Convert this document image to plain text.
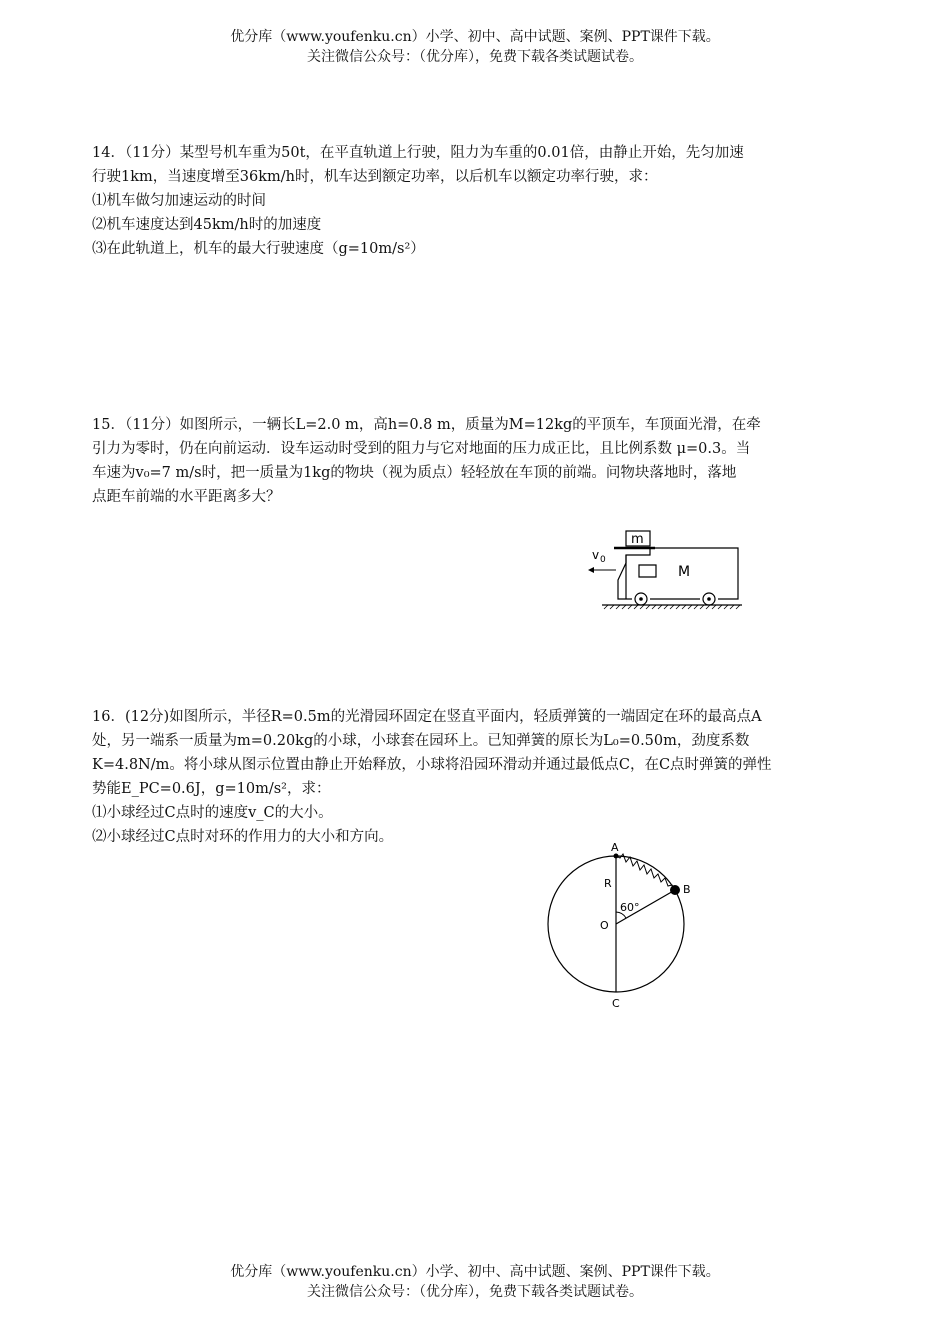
优分库（www.youfenku.cn）小学、初中、高中试题、案例、PPT课件下载。
关注微信公众号：（优分库），免费下载各类试题试卷。

14．（11分）某型号机车重为50t，在平直轨道上行驶，阻力为车重的0.01倍，由静止开始，先匀加速

行驶1km，当速度增至36km/h时，机车达到额定功率，以后机车以额定功率行驶，求：

⑴机车做匀加速运动的时间

⑵机车速度达到45km/h时的加速度

⑶在此轨道上，机车的最大行驶速度（g=10m/s²）

15．（11分）如图所示，一辆长L=2.0 m，高h=0.8 m，质量为M=12kg的平顶车，车顶面光滑，在牵

引力为零时，仍在向前运动．设车运动时受到的阻力与它对地面的压力成正比，且比例系数 μ=0.3。当

车速为v₀=7 m/s时，把一质量为1kg的物块（视为质点）轻轻放在车顶的前端。问物块落地时，落地

点距车前端的水平距离多大？

m
M
v 0

16．(12分)如图所示，半径R=0.5m的光滑园环固定在竖直平面内，轻质弹簧的一端固定在环的最高点A

处，另一端系一质量为m=0.20kg的小球，小球套在园环上。已知弹簧的原长为L₀=0.50m，劲度系数

K=4.8N/m。将小球从图示位置由静止开始释放，小球将沿园环滑动并通过最低点C，在C点时弹簧的弹性

势能E_PC=0.6J，g=10m/s²，求：

⑴小球经过C点时的速度v_C的大小。

⑵小球经过C点时对环的作用力的大小和方向。

A
B
C
O
R
60°
优分库（www.youfenku.cn）小学、初中、高中试题、案例、PPT课件下载。
关注微信公众号：（优分库），免费下载各类试题试卷。
